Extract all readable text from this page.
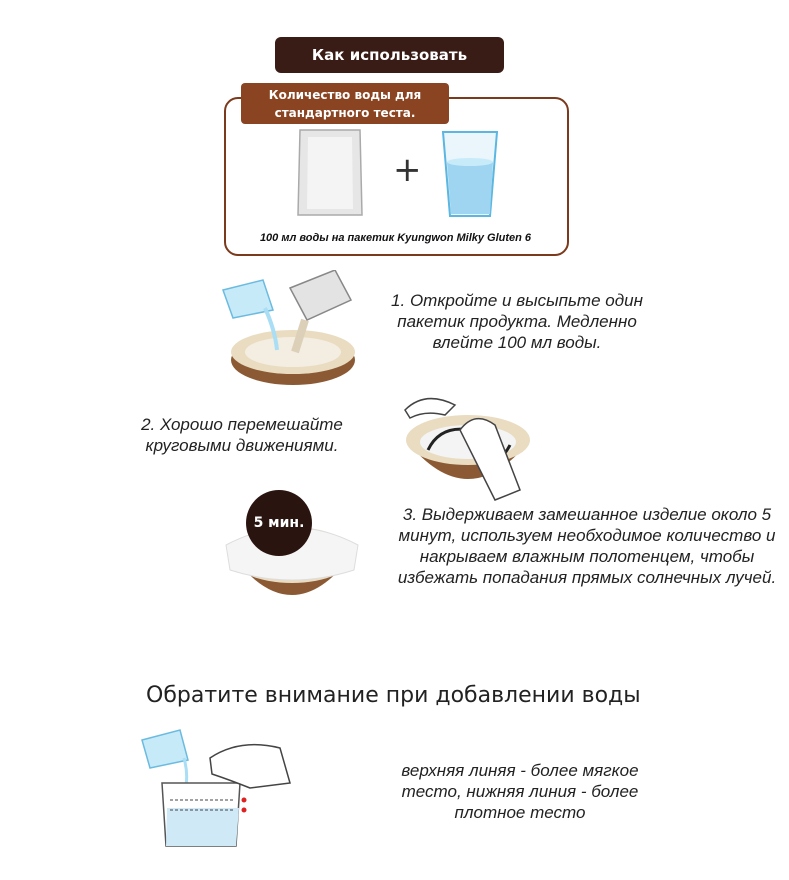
Как использовать
Количество воды для стандартного теста.
+
100 мл воды на пакетик Kyungwon Milky Gluten 6
1. Откройте и высыпьте один пакетик продукта. Медленно влейте 100 мл воды.
2. Хорошо перемешайте круговыми движениями.
5 мин.	3. Выдерживаем замешанное изделие около 5 минут, используем необходимое количество и накрываем влажным полотенцем, чтобы избежать попадания прямых солнечных лучей.
Обратите внимание при добавлении воды
верхняя линяя - более мягкое тесто, нижняя линия - более плотное тесто
